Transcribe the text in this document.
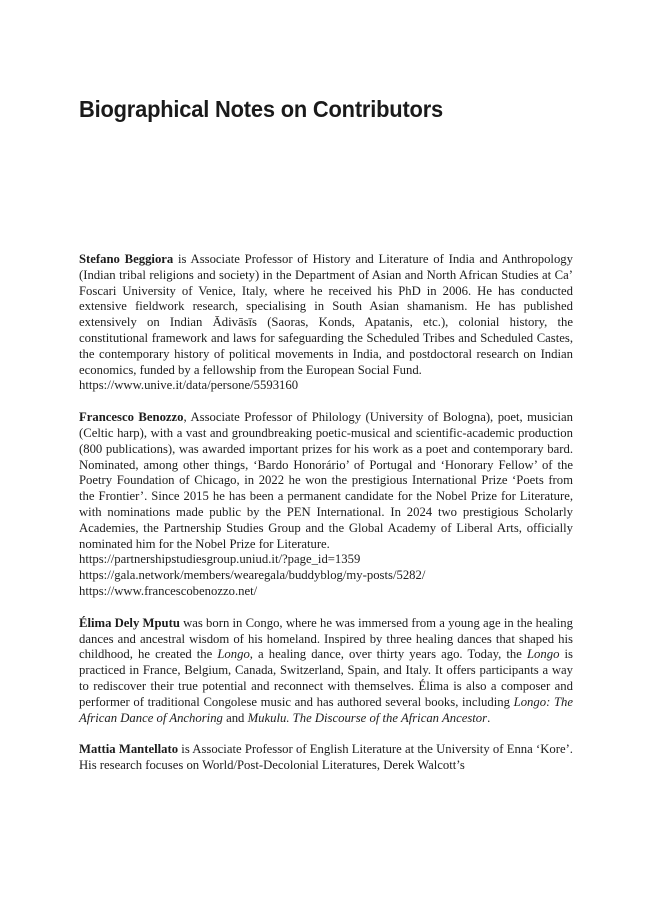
Biographical Notes on Contributors

Stefano Beggiora is Associate Professor of History and Literature of India and Anthropology (Indian tribal religions and society) in the Department of Asian and North African Studies at Ca’ Foscari University of Venice, Italy, where he received his PhD in 2006. He has conducted extensive fieldwork research, specialising in South Asian shamanism. He has published extensively on Indian Ādivāsīs (Saoras, Konds, Apatanis, etc.), colonial history, the constitutional framework and laws for safeguarding the Scheduled Tribes and Scheduled Castes, the contemporary history of political movements in India, and postdoctoral research on Indian economics, funded by a fellowship from the European Social Fund.

https://www.unive.it/data/persone/5593160

Francesco Benozzo, Associate Professor of Philology (University of Bologna), poet, musician (Celtic harp), with a vast and groundbreaking poetic-musical and scientific-academic production (800 publications), was awarded important prizes for his work as a poet and contemporary bard. Nominated, among other things, ‘Bardo Honorário’ of Portugal and ‘Honorary Fellow’ of the Poetry Foundation of Chicago, in 2022 he won the prestigious International Prize ‘Poets from the Frontier’. Since 2015 he has been a permanent candidate for the Nobel Prize for Literature, with nominations made public by the PEN International. In 2024 two prestigious Scholarly Academies, the Partnership Studies Group and the Global Academy of Liberal Arts, officially nominated him for the Nobel Prize for Literature.

https://partnershipstudiesgroup.uniud.it/?page_id=1359
https://gala.network/members/wearegala/buddyblog/my-posts/5282/
https://www.francescobenozzo.net/

Élima Dely Mputu was born in Congo, where he was immersed from a young age in the healing dances and ancestral wisdom of his homeland. Inspired by three healing dances that shaped his childhood, he created the Longo, a healing dance, over thirty years ago. Today, the Longo is practiced in France, Belgium, Canada, Switzerland, Spain, and Italy. It offers participants a way to rediscover their true potential and reconnect with themselves. Élima is also a composer and performer of traditional Congolese music and has authored several books, including Longo: The African Dance of Anchoring and Mukulu. The Discourse of the African Ancestor.

Mattia Mantellato is Associate Professor of English Literature at the University of Enna ‘Kore’. His research focuses on World/Post-Decolonial Literatures, Derek Walcott’s
